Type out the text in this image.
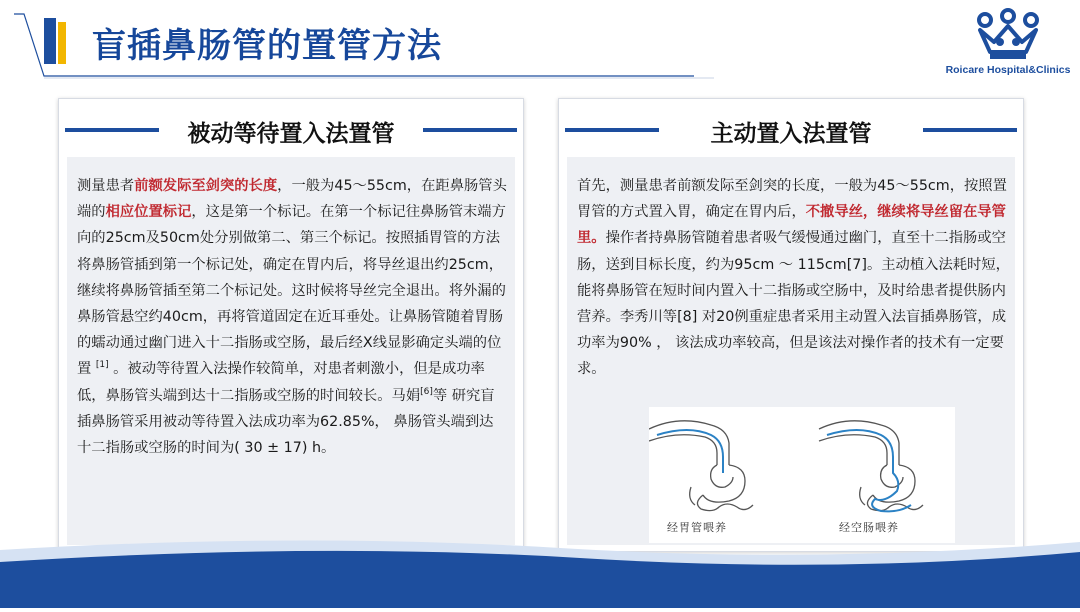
盲插鼻肠管的置管方法
Roicare Hospital&Clinics
被动等待置入法置管

测量患者前额发际至剑突的长度，一般为45～55cm，在距鼻肠管头端的相应位置标记，这是第一个标记。在第一个标记往鼻肠管末端方向的25cm及50cm处分别做第二、第三个标记。按照插胃管的方法将鼻肠管插到第一个标记处，确定在胃内后，将导丝退出约25cm，继续将鼻肠管插至第二个标记处。这时候将导丝完全退出。将外漏的鼻肠管悬空约40cm，再将管道固定在近耳垂处。让鼻肠管随着胃肠的蠕动通过幽门进入十二指肠或空肠，最后经X线显影确定头端的位置 [1] 。被动等待置入法操作较简单，对患者刺激小，但是成功率低，鼻肠管头端到达十二指肠或空肠的时间较长。马娟[6]等 研究盲插鼻肠管采用被动等待置入法成功率为62.85%， 鼻肠管头端到达十二指肠或空肠的时间为( 30 ± 17) h。

主动置入法置管

首先，测量患者前额发际至剑突的长度，一般为45～55cm，按照置胃管的方式置入胃，确定在胃内后，不撤导丝，继续将导丝留在导管里。操作者持鼻肠管随着患者吸气缓慢通过幽门，直至十二指肠或空肠，送到目标长度，约为95cm ～ 115cm[7]。主动植入法耗时短，能将鼻肠管在短时间内置入十二指肠或空肠中，及时给患者提供肠内营养。李秀川等[8] 对20例重症患者采用主动置入法盲插鼻肠管，成功率为90% ， 该法成功率较高，但是该法对操作者的技术有一定要求。

经胃管喂养	经空肠喂养
